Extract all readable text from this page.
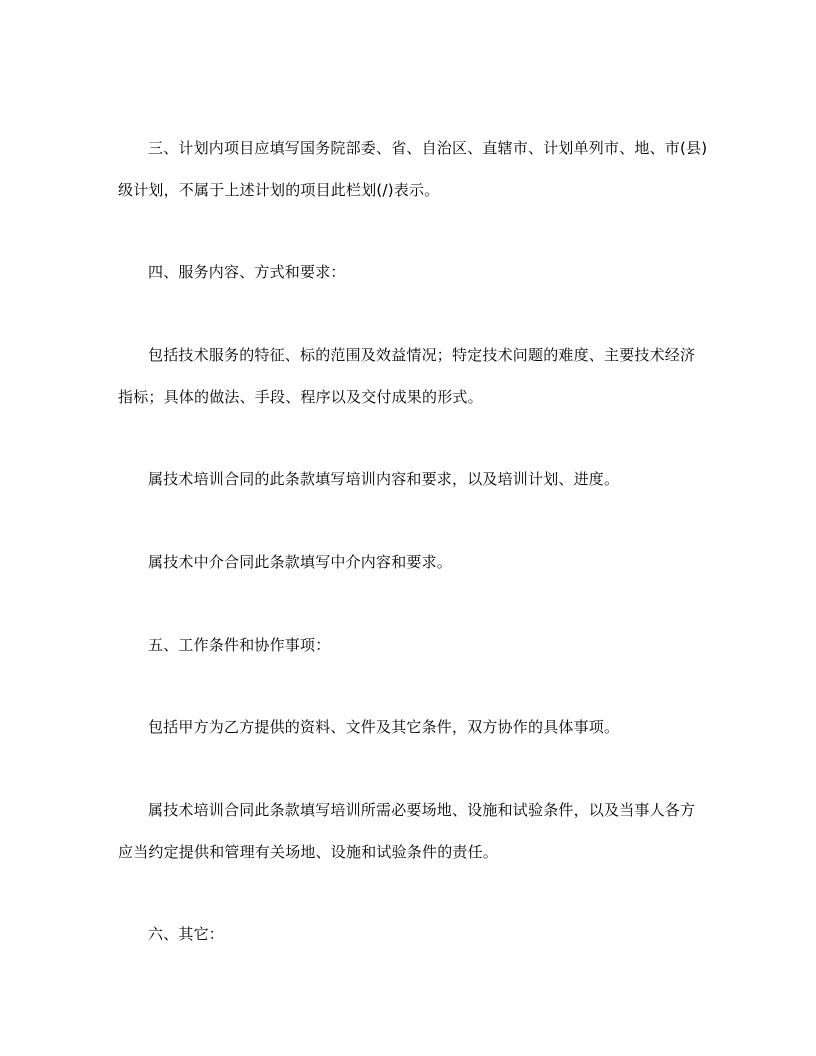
三、计划内项目应填写国务院部委、省、自治区、直辖市、计划单列市、地、市(县)级计划，不属于上述计划的项目此栏划(/)表示。

四、服务内容、方式和要求：

包括技术服务的特征、标的范围及效益情况；特定技术问题的难度、主要技术经济指标；具体的做法、手段、程序以及交付成果的形式。

属技术培训合同的此条款填写培训内容和要求，以及培训计划、进度。

属技术中介合同此条款填写中介内容和要求。

五、工作条件和协作事项：

包括甲方为乙方提供的资料、文件及其它条件，双方协作的具体事项。

属技术培训合同此条款填写培训所需必要场地、设施和试验条件，以及当事人各方应当约定提供和管理有关场地、设施和试验条件的责任。

六、其它：
